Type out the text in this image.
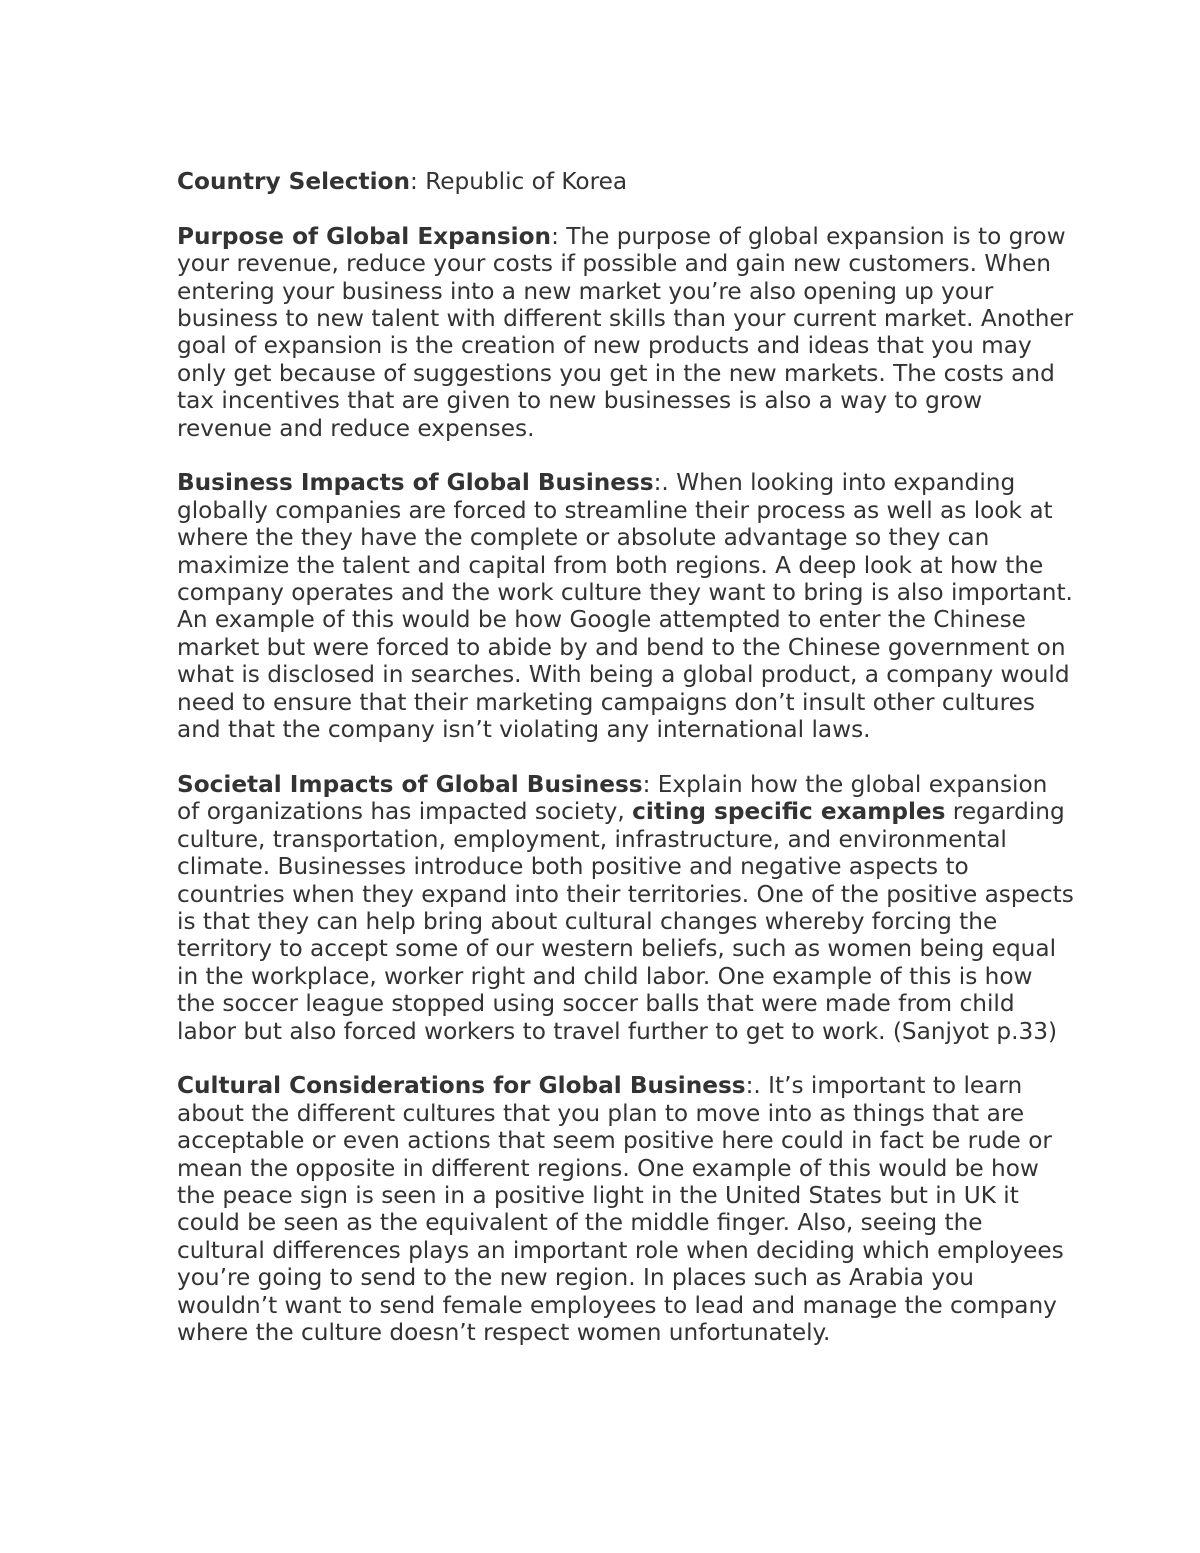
Country Selection: Republic of Korea

Purpose of Global Expansion: The purpose of global expansion is to grow your revenue, reduce your costs if possible and gain new customers. When entering your business into a new market you’re also opening up your business to new talent with different skills than your current market. Another goal of expansion is the creation of new products and ideas that you may only get because of suggestions you get in the new markets. The costs and tax incentives that are given to new businesses is also a way to grow revenue and reduce expenses.

Business Impacts of Global Business:. When looking into expanding globally companies are forced to streamline their process as well as look at where the they have the complete or absolute advantage so they can maximize the talent and capital from both regions. A deep look at how the company operates and the work culture they want to bring is also important. An example of this would be how Google attempted to enter the Chinese market but were forced to abide by and bend to the Chinese government on what is disclosed in searches. With being a global product, a company would need to ensure that their marketing campaigns don’t insult other cultures and that the company isn’t violating any international laws.

Societal Impacts of Global Business: Explain how the global expansion of organizations has impacted society, citing specific examples regarding culture, transportation, employment, infrastructure, and environmental climate. Businesses introduce both positive and negative aspects to countries when they expand into their territories. One of the positive aspects is that they can help bring about cultural changes whereby forcing the territory to accept some of our western beliefs, such as women being equal in the workplace, worker right and child labor. One example of this is how the soccer league stopped using soccer balls that were made from child labor but also forced workers to travel further to get to work. (Sanjyot p.33)

Cultural Considerations for Global Business:. It’s important to learn about the different cultures that you plan to move into as things that are acceptable or even actions that seem positive here could in fact be rude or mean the opposite in different regions. One example of this would be how the peace sign is seen in a positive light in the United States but in UK it could be seen as the equivalent of the middle finger. Also, seeing the cultural differences plays an important role when deciding which employees you’re going to send to the new region. In places such as Arabia you wouldn’t want to send female employees to lead and manage the company where the culture doesn’t respect women unfortunately.
